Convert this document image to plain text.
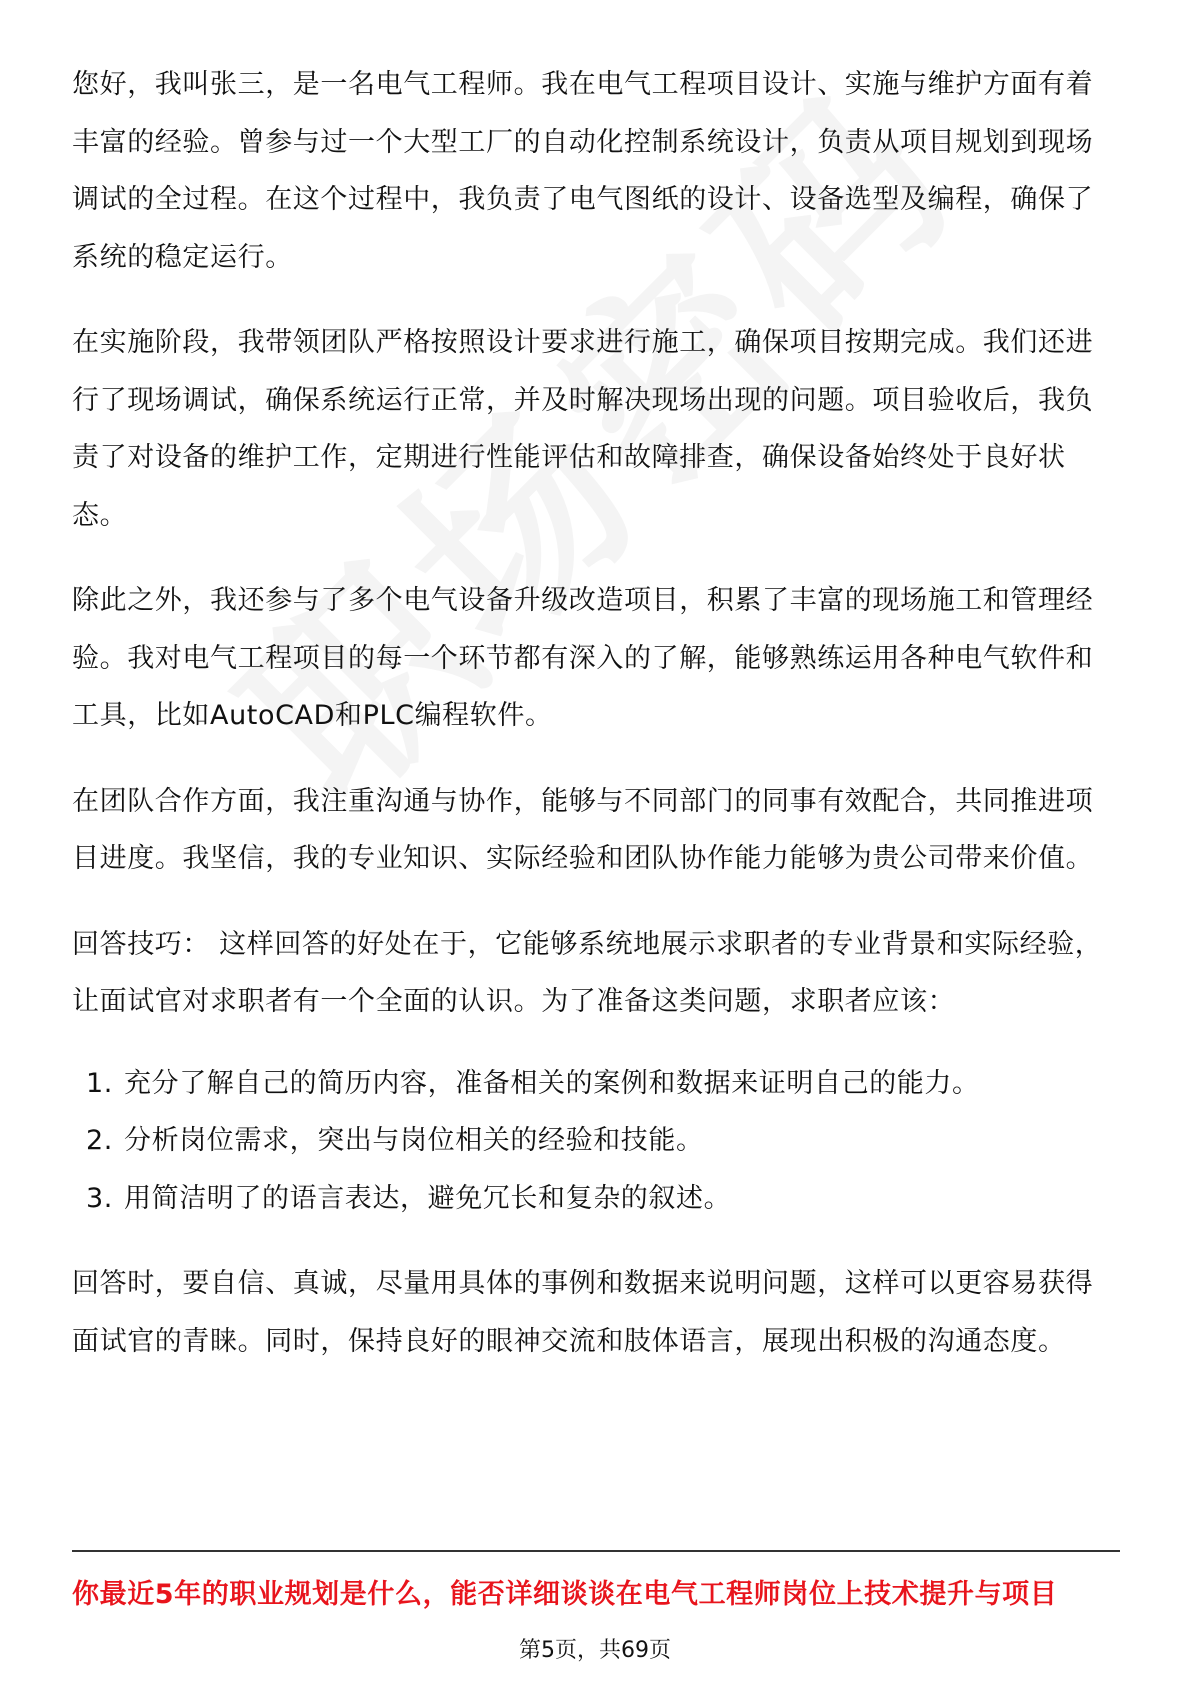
您好，我叫张三，是一名电气工程师。我在电气工程项目设计、实施与维护方面有着丰富的经验。曾参与过一个大型工厂的自动化控制系统设计，负责从项目规划到现场调试的全过程。在这个过程中，我负责了电气图纸的设计、设备选型及编程，确保了系统的稳定运行。

在实施阶段，我带领团队严格按照设计要求进行施工，确保项目按期完成。我们还进行了现场调试，确保系统运行正常，并及时解决现场出现的问题。项目验收后，我负责了对设备的维护工作，定期进行性能评估和故障排查，确保设备始终处于良好状态。

除此之外，我还参与了多个电气设备升级改造项目，积累了丰富的现场施工和管理经验。我对电气工程项目的每一个环节都有深入的了解，能够熟练运用各种电气软件和工具，比如AutoCAD和PLC编程软件。

在团队合作方面，我注重沟通与协作，能够与不同部门的同事有效配合，共同推进项目进度。我坚信，我的专业知识、实际经验和团队协作能力能够为贵公司带来价值。

回答技巧： 这样回答的好处在于，它能够系统地展示求职者的专业背景和实际经验，让面试官对求职者有一个全面的认识。为了准备这类问题，求职者应该：

1. 充分了解自己的简历内容，准备相关的案例和数据来证明自己的能力。
2. 分析岗位需求，突出与岗位相关的经验和技能。
3. 用简洁明了的语言表达，避免冗长和复杂的叙述。

回答时，要自信、真诚，尽量用具体的事例和数据来说明问题，这样可以更容易获得面试官的青睐。同时，保持良好的眼神交流和肢体语言，展现出积极的沟通态度。

你最近5年的职业规划是什么，能否详细谈谈在电气工程师岗位上技术提升与项目
第5页，共69页
